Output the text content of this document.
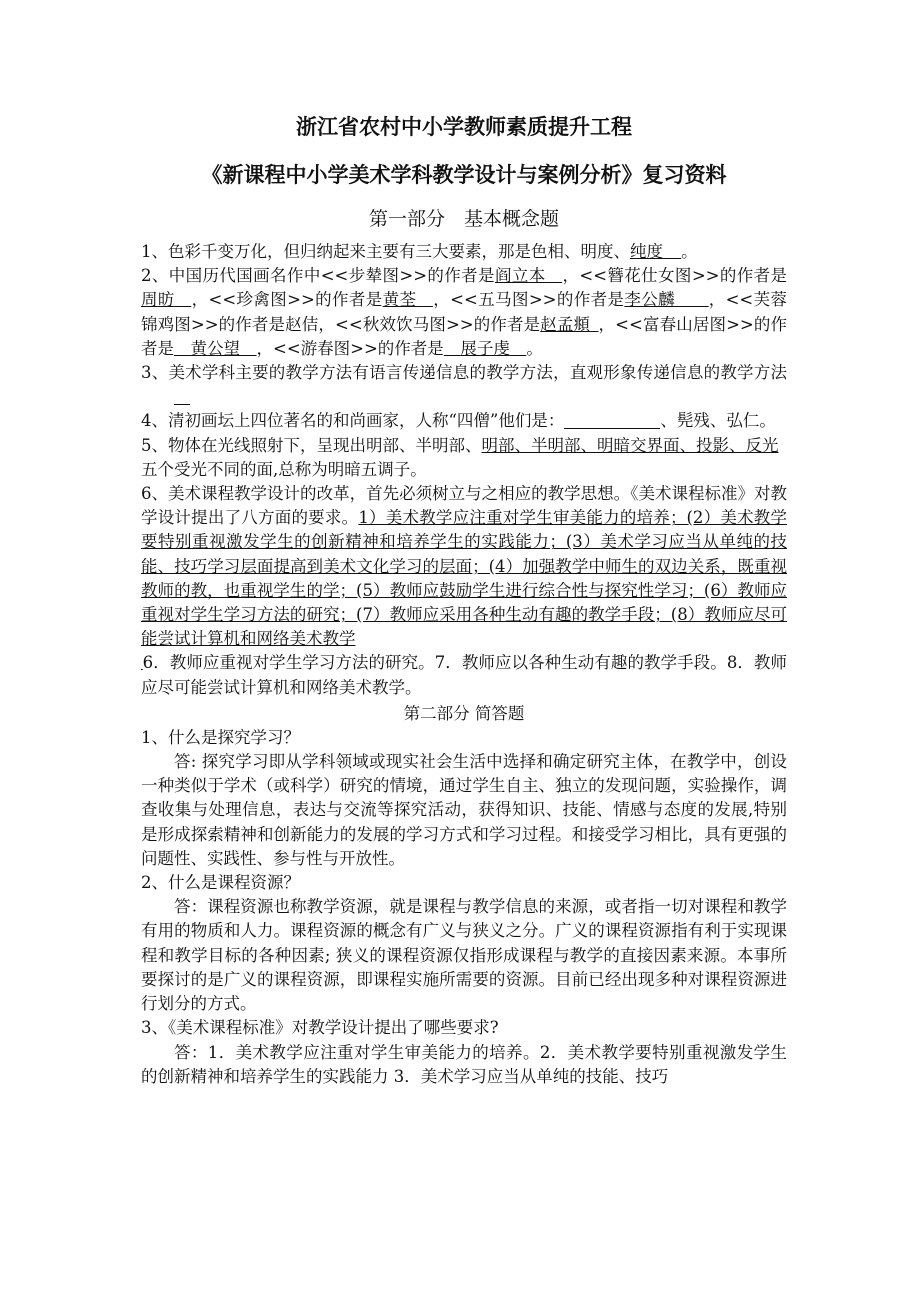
浙江省农村中小学教师素质提升工程
《新课程中小学美术学科教学设计与案例分析》复习资料
第一部分　基本概念题

1、色彩千变万化，但归纳起来主要有三大要素，那是色相、明度、纯度　  。

2、中国历代国画名作中<<步辇图>>的作者是阎立本   ，<<簪花仕女图>>的作者是周昉   ，<<珍禽图>>的作者是黄荃   ，<<五马图>>的作者是李公麟　　 ，<<芙蓉锦鸡图>>的作者是赵佶，<<秋效饮马图>>的作者是赵孟頫  ，<<富春山居图>>的作者是   黄公望   ，<<游春图>>的作者是   展子虔   。

3、美术学科主要的教学方法有语言传递信息的教学方法，直观形象传递信息的教学方法

4、清初画坛上四位著名的和尚画家，人称“四僧”他们是：	、髡残、弘仁。

5、物体在光线照射下，呈现出明部、半明部、明部、半明部、明暗交界面、投影、反光

五个受光不同的面,总称为明暗五调子。

6、美术课程教学设计的改革，首先必须树立与之相应的教学思想。《美术课程标准》对教学设计提出了八方面的要求。1）美术教学应注重对学生审美能力的培养；(2）美术教学要特别重视激发学生的创新精神和培养学生的实践能力；(3）美术学习应当从单纯的技能、技巧学习层面提高到美术文化学习的层面；(4）加强教学中师生的双边关系，既重视教师的教，也重视学生的学；(5）教师应鼓励学生进行综合性与探究性学习；(6）教师应重视对学生学习方法的研究；(7）教师应采用各种生动有趣的教学手段；(8）教师应尽可能尝试计算机和网络美术教学

 6．教师应重视对学生学习方法的研究。7．教师应以各种生动有趣的教学手段。8．教师应尽可能尝试计算机和网络美术教学。

第二部分 简答题

1、什么是探究学习？

答: 探究学习即从学科领域或现实社会生活中选择和确定研究主体，在教学中，创设一种类似于学术（或科学）研究的情境，通过学生自主、独立的发现问题，实验操作，调查收集与处理信息，表达与交流等探究活动，获得知识、技能、情感与态度的发展,特别是形成探索精神和创新能力的发展的学习方式和学习过程。和接受学习相比，具有更强的问题性、实践性、参与性与开放性。

2、什么是课程资源？

答：课程资源也称教学资源，就是课程与教学信息的来源，或者指一切对课程和教学有用的物质和人力。课程资源的概念有广义与狭义之分。广义的课程资源指有利于实现课程和教学目标的各种因素; 狭义的课程资源仅指形成课程与教学的直接因素来源。本事所要探讨的是广义的课程资源，即课程实施所需要的资源。目前已经出现多种对课程资源进行划分的方式。

3、《美术课程标准》对教学设计提出了哪些要求?

答：1．美术教学应注重对学生审美能力的培养。2．美术教学要特别重视激发学生的创新精神和培养学生的实践能力 3．美术学习应当从单纯的技能、技巧
